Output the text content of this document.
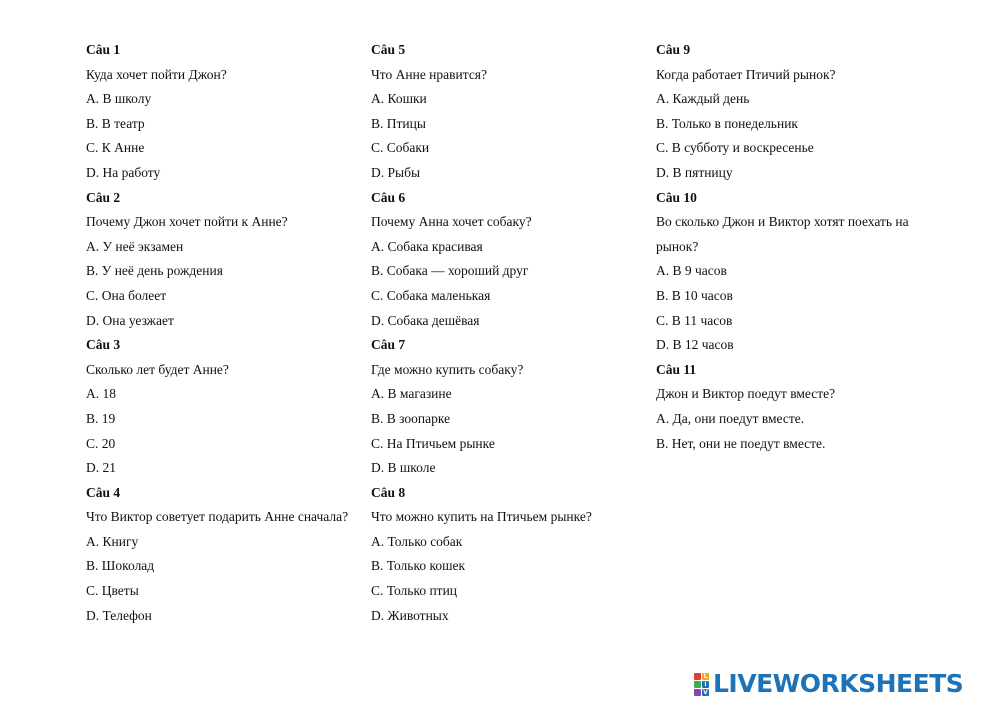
Câu 1
Куда хочет пойти Джон?
A. В школу
B. В театр
C. К Анне
D. На работу
Câu 2
Почему Джон хочет пойти к Анне?
A. У неё экзамен
B. У неё день рождения
C. Она болеет
D. Она уезжает
Câu 3
Сколько лет будет Анне?
A. 18
B. 19
C. 20
D. 21
Câu 4
Что Виктор советует подарить Анне сначала?
A. Книгу
B. Шоколад
C. Цветы
D. Телефон
Câu 5
Что Анне нравится?
A. Кошки
B. Птицы
C. Собаки
D. Рыбы
Câu 6
Почему Анна хочет собаку?
A. Собака красивая
B. Собака — хороший друг
C. Собака маленькая
D. Собака дешёвая
Câu 7
Где можно купить собаку?
A. В магазине
B. В зоопарке
C. На Птичьем рынке
D. В школе
Câu 8
Что можно купить на Птичьем рынке?
A. Только собак
B. Только кошек
C. Только птиц
D. Животных
Câu 9
Когда работает Птичий рынок?
A. Каждый день
B. Только в понедельник
C. В субботу и воскресенье
D. В пятницу
Câu 10
Во сколько Джон и Виктор хотят поехать на рынок?
A. В 9 часов
B. В 10 часов
C. В 11 часов
D. В 12 часов
Câu 11
Джон и Виктор поедут вместе?
A. Да, они поедут вместе.
B. Нет, они не поедут вместе.
L
I
V LIVEWORKSHEETS
